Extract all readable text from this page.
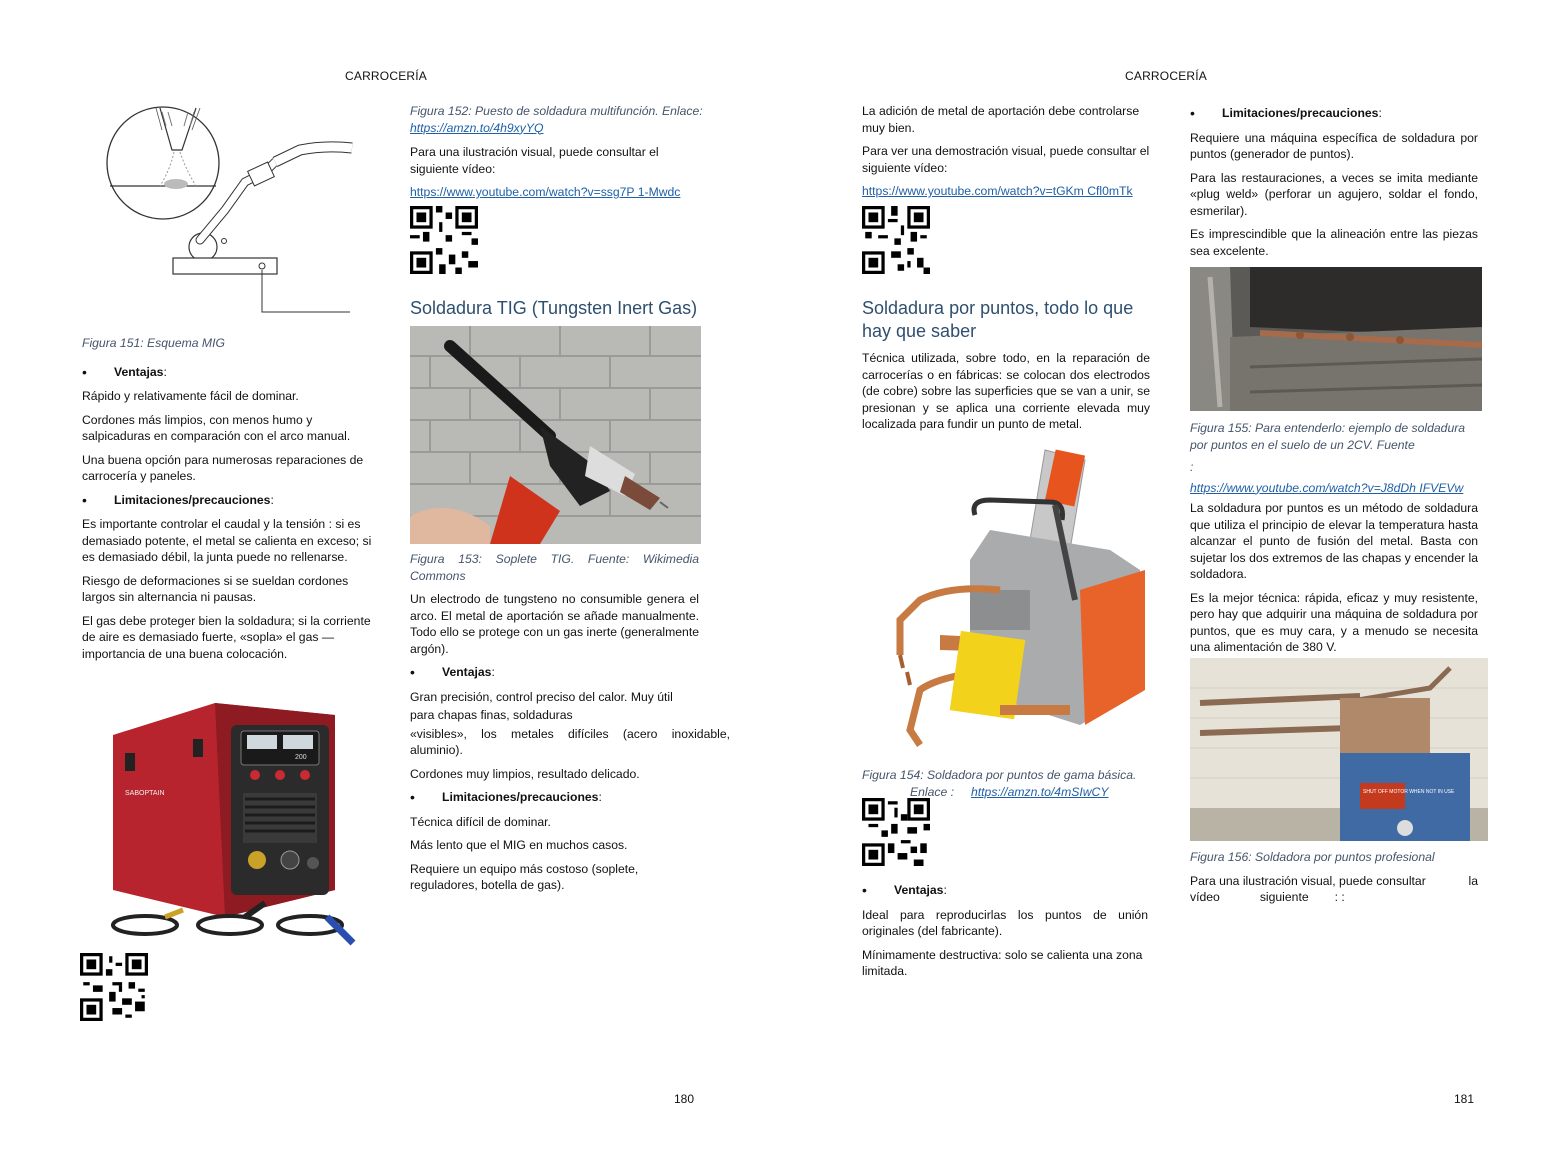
CARROCERÍA
180

Figura 151: Esquema MIG

•	Ventajas :

Rápido y relativamente fácil de dominar.

Cordones más limpios, con menos humo y salpicaduras en comparación con el arco manual.

Una buena opción para numerosas reparaciones de carrocería y paneles.

•	Limitaciones/precauciones :

Es importante controlar el caudal y la tensión : si es demasiado potente, el metal se calienta en exceso; si es demasiado débil, la junta puede no rellenarse.

Riesgo de deformaciones si se sueldan cordones largos sin alternancia ni pausas.

El gas debe proteger bien la soldadura; si la corriente de aire es demasiado fuerte, «sopla» el gas — importancia de una buena colocación.

200
SABOPTAIN

Figura 152: Puesto de soldadura multifunción. Enlace:
https://amzn.to/4h9xyYQ

Para una ilustración visual, puede consultar el siguiente vídeo:

https://www.youtube.com/watch?v=ssg7P 1-Mwdc

Soldadura TIG (Tungsten Inert Gas)

Figura 153: Soplete TIG. Fuente: Wikimedia Commons

Un electrodo de tungsteno no consumible genera el arco. El metal de aportación se añade manualmente. Todo ello se protege con un gas inerte (generalmente argón).

•	Ventajas :

Gran precisión, control preciso del calor. Muy útil

para chapas finas, soldaduras

«visibles», los metales difíciles (acero inoxidable, aluminio).

Cordones muy limpios, resultado delicado.

•	Limitaciones/precauciones :

Técnica difícil de dominar.

Más lento que el MIG en muchos casos.

Requiere un equipo más costoso (soplete, reguladores, botella de gas).

CARROCERÍA
181

La adición de metal de aportación debe controlarse muy bien.

Para ver una demostración visual, puede consultar el siguiente vídeo:

https://www.youtube.com/watch?v=tGKm Cfl0mTk

Soldadura por puntos, todo lo que hay que saber

Técnica utilizada, sobre todo, en la reparación de carrocerías o en fábricas: se colocan dos electrodos (de cobre) sobre las superficies que se van a unir, se presionan y se aplica una corriente elevada muy localizada para fundir un punto de metal.

Figura 154: Soldadora por puntos de gama básica.

Enlace : https://amzn.to/4mSIwCY

•	Ventajas :

Ideal para reproducirlas los puntos de unión originales (del fabricante).

Mínimamente destructiva: solo se calienta una zona limitada.

•	Limitaciones/precauciones :

Requiere una máquina específica de soldadura por puntos (generador de puntos).

Para las restauraciones, a veces se imita mediante «plug weld» (perforar un agujero, soldar el fondo, esmerilar).

Es imprescindible que la alineación entre las piezas sea excelente.

Figura 155: Para entenderlo: ejemplo de soldadura por puntos en el suelo de un 2CV. Fuente

:

https://www.youtube.com/watch?v=J8dDh IFVEVw

La soldadura por puntos es un método de soldadura que utiliza el principio de elevar la temperatura hasta alcanzar el punto de fusión del metal. Basta con sujetar los dos extremos de las chapas y encender la soldadora.

Es la mejor técnica: rápida, eficaz y muy resistente, pero hay que adquirir una máquina de soldadura por puntos, que es muy cara, y a menudo se necesita una alimentación de 380 V.

SHUT OFF MOTOR WHEN NOT IN USE

Figura 156: Soldadora por puntos profesional

Para una ilustración visual, puede consultar	la
vídeo	siguiente : :
